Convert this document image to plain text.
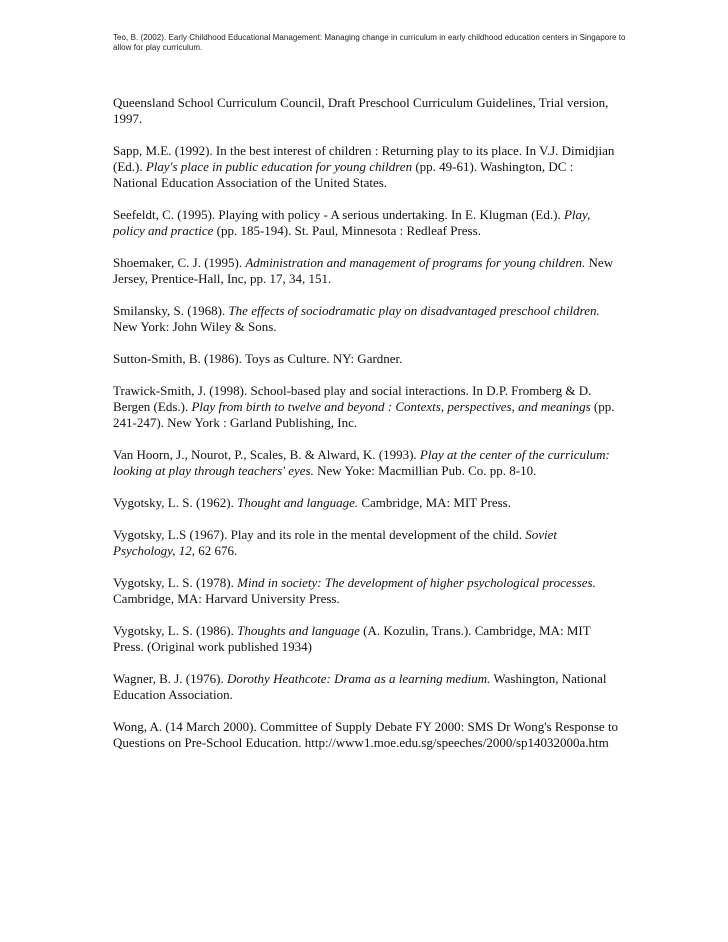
Teo, B. (2002). Early Childhood Educational Management: Managing change in curriculum in early childhood education centers in Singapore to allow for play curriculum.

Queensland School Curriculum Council, Draft Preschool Curriculum Guidelines, Trial version, 1997.

Sapp, M.E. (1992). In the best interest of children : Returning play to its place. In V.J. Dimidjian (Ed.). Play's place in public education for young children (pp. 49-61). Washington, DC : National Education Association of the United States.

Seefeldt, C. (1995). Playing with policy - A serious undertaking. In E. Klugman (Ed.). Play, policy and practice (pp. 185-194). St. Paul, Minnesota : Redleaf Press.

Shoemaker, C. J. (1995). Administration and management of programs for young children. New Jersey, Prentice-Hall, Inc, pp. 17, 34, 151.

Smilansky, S. (1968). The effects of sociodramatic play on disadvantaged preschool children. New York: John Wiley & Sons.

Sutton-Smith, B. (1986). Toys as Culture. NY: Gardner.

Trawick-Smith, J. (1998). School-based play and social interactions. In D.P. Fromberg & D. Bergen (Eds.). Play from birth to twelve and beyond : Contexts, perspectives, and meanings (pp. 241-247). New York : Garland Publishing, Inc.

Van Hoorn, J., Nourot, P., Scales, B. & Alward, K. (1993). Play at the center of the curriculum: looking at play through teachers' eyes. New Yoke: Macmillian Pub. Co. pp. 8-10.

Vygotsky, L. S. (1962). Thought and language. Cambridge, MA: MIT Press.

Vygotsky, L.S (1967). Play and its role in the mental development of the child. Soviet Psychology, 12, 62 676.

Vygotsky, L. S. (1978). Mind in society: The development of higher psychological processes. Cambridge, MA: Harvard University Press.

Vygotsky, L. S. (1986). Thoughts and language (A. Kozulin, Trans.). Cambridge, MA: MIT Press. (Original work published 1934)

Wagner, B. J. (1976). Dorothy Heathcote: Drama as a learning medium. Washington, National Education Association.

Wong, A. (14 March 2000). Committee of Supply Debate FY 2000: SMS Dr Wong's Response to Questions on Pre-School Education. http://www1.moe.edu.sg/speeches/2000/sp14032000a.htm
